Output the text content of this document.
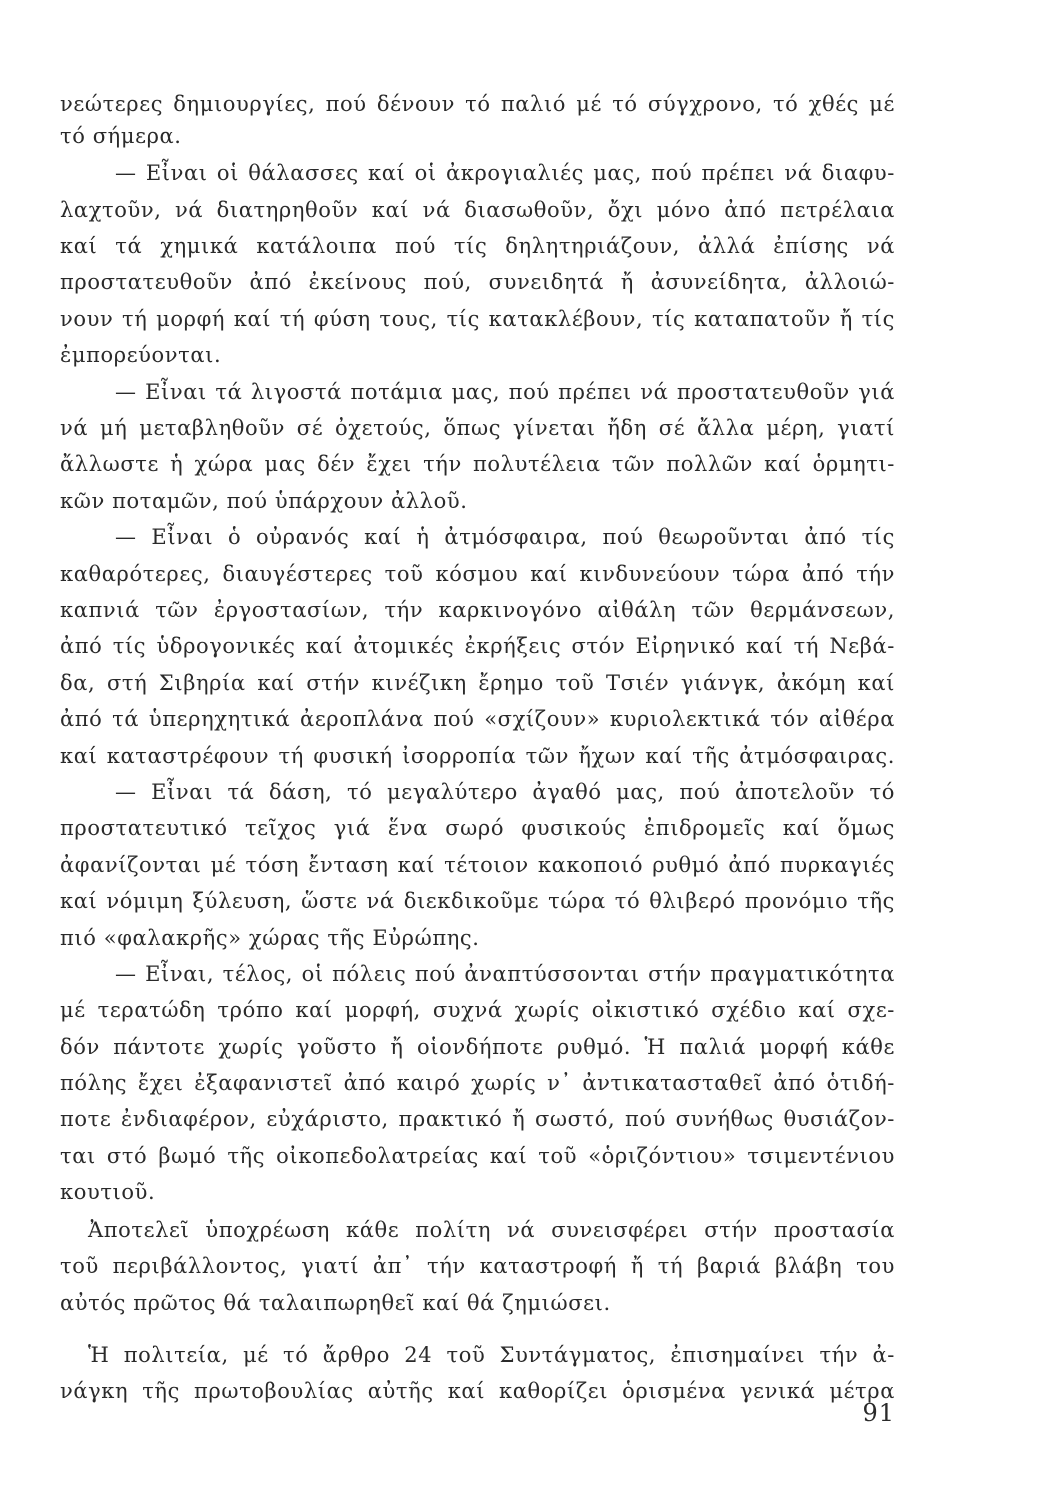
νεώτερες δημιουργίες, πού δένουν τό παλιό μέ τό σύγχρονο, τό χθές μέ
τό σήμερα.
— Εἶναι οἱ θάλασσες καί οἱ ἀκρογιαλιές μας, πού πρέπει νά διαφυ-
λαχτοῦν, νά διατηρηθοῦν καί νά διασωθοῦν, ὄχι μόνο ἀπό πετρέλαια
καί τά χημικά κατάλοιπα πού τίς δηλητηριάζουν, ἀλλά ἐπίσης νά
προστατευθοῦν ἀπό ἐκείνους πού, συνειδητά ἤ ἀσυνείδητα, ἀλλοιώ-
νουν τή μορφή καί τή φύση τους, τίς κατακλέβουν, τίς καταπατοῦν ἤ τίς
ἐμπορεύονται.
— Εἶναι τά λιγοστά ποτάμια μας, πού πρέπει νά προστατευθοῦν γιά
νά μή μεταβληθοῦν σέ ὀχετούς, ὅπως γίνεται ἤδη σέ ἄλλα μέρη, γιατί
ἄλλωστε ἡ χώρα μας δέν ἔχει τήν πολυτέλεια τῶν πολλῶν καί ὁρμητι-
κῶν ποταμῶν, πού ὑπάρχουν ἀλλοῦ.
— Εἶναι ὁ οὐρανός καί ἡ ἀτμόσφαιρα, πού θεωροῦνται ἀπό τίς
καθαρότερες, διαυγέστερες τοῦ κόσμου καί κινδυνεύουν τώρα ἀπό τήν
καπνιά τῶν ἐργοστασίων, τήν καρκινογόνο αἰθάλη τῶν θερμάνσεων,
ἀπό τίς ὑδρογονικές καί ἀτομικές ἐκρήξεις στόν Εἰρηνικό καί τή Νεβά-
δα, στή Σιβηρία καί στήν κινέζικη ἔρημο τοῦ Τσιέν γιάνγκ, ἀκόμη καί
ἀπό τά ὑπερηχητικά ἀεροπλάνα πού «σχίζουν» κυριολεκτικά τόν αἰθέρα
καί καταστρέφουν τή φυσική ἰσορροπία τῶν ἤχων καί τῆς ἀτμόσφαιρας.
— Εἶναι τά δάση, τό μεγαλύτερο ἀγαθό μας, πού ἀποτελοῦν τό
προστατευτικό τεῖχος γιά ἕνα σωρό φυσικούς ἐπιδρομεῖς καί ὅμως
ἀφανίζονται μέ τόση ἔνταση καί τέτοιον κακοποιό ρυθμό ἀπό πυρκαγιές
καί νόμιμη ξύλευση, ὥστε νά διεκδικοῦμε τώρα τό θλιβερό προνόμιο τῆς
πιό «φαλακρῆς» χώρας τῆς Εὐρώπης.
— Εἶναι, τέλος, οἱ πόλεις πού ἀναπτύσσονται στήν πραγματικότητα
μέ τερατώδη τρόπο καί μορφή, συχνά χωρίς οἰκιστικό σχέδιο καί σχε-
δόν πάντοτε χωρίς γοῦστο ἤ οἱονδήποτε ρυθμό. Ἡ παλιά μορφή κάθε
πόλης ἔχει ἐξαφανιστεῖ ἀπό καιρό χωρίς ν᾽ ἀντικατασταθεῖ ἀπό ὁτιδή-
ποτε ἐνδιαφέρον, εὐχάριστο, πρακτικό ἤ σωστό, πού συνήθως θυσιάζον-
ται στό βωμό τῆς οἰκοπεδολατρείας καί τοῦ «ὁριζόντιου» τσιμεντένιου
κουτιοῦ.
Ἀποτελεῖ ὑποχρέωση κάθε πολίτη νά συνεισφέρει στήν προστασία
τοῦ περιβάλλοντος, γιατί ἀπ᾽ τήν καταστροφή ἤ τή βαριά βλάβη του
αὐτός πρῶτος θά ταλαιπωρηθεῖ καί θά ζημιώσει.
Ἡ πολιτεία, μέ τό ἄρθρο 24 τοῦ Συντάγματος, ἐπισημαίνει τήν ἀ-
νάγκη τῆς πρωτοβουλίας αὐτῆς καί καθορίζει ὁρισμένα γενικά μέτρα
91
